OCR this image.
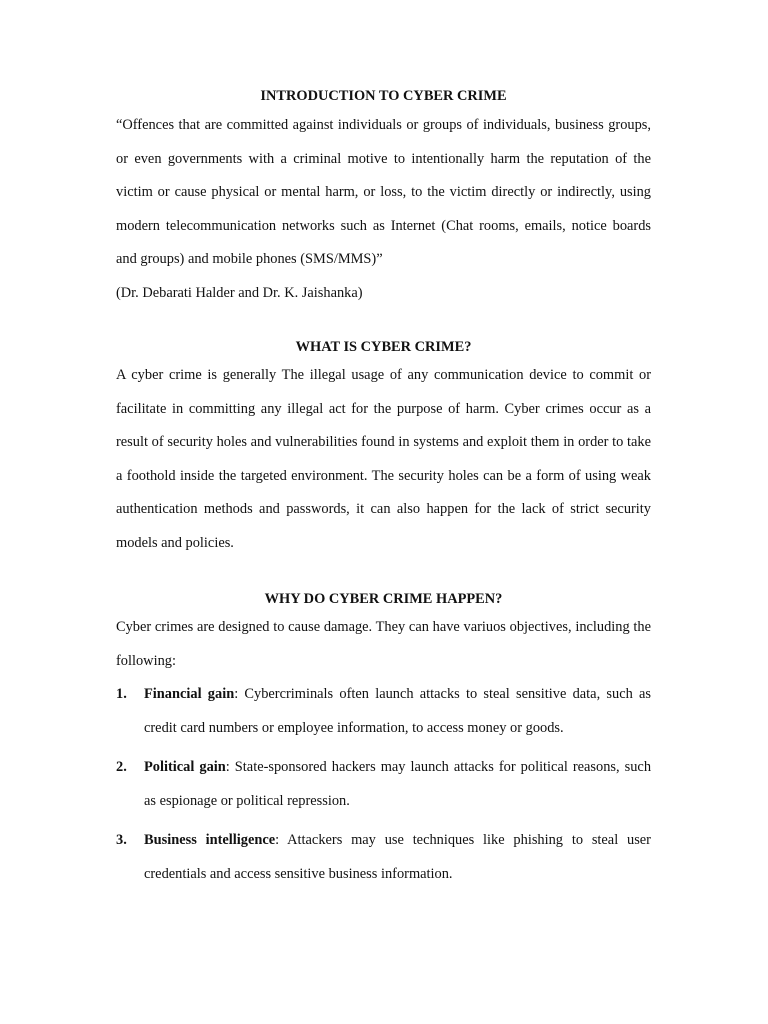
INTRODUCTION TO CYBER CRIME

“Offences that are committed against individuals or groups of individuals, business groups, or even governments with a criminal motive to intentionally harm the reputation of the victim or cause physical or mental harm, or loss, to the victim directly or indirectly, using modern telecommunication networks such as Internet (Chat rooms, emails, notice boards and groups) and mobile phones (SMS/MMS)”
(Dr. Debarati Halder and Dr. K. Jaishanka)

WHAT IS CYBER CRIME?

A cyber crime is generally The illegal usage of any communication device to commit or facilitate in committing any illegal act for the purpose of harm. Cyber crimes occur as a result of security holes and vulnerabilities found in systems and exploit them in order to take a foothold inside the targeted environment. The security holes can be a form of using weak authentication methods and passwords, it can also happen for the lack of strict security models and policies.

WHY DO CYBER CRIME HAPPEN?

Cyber crimes are designed to cause damage. They can have variuos objectives, including the following:

1. Financial gain: Cybercriminals often launch attacks to steal sensitive data, such as credit card numbers or employee information, to access money or goods.
2. Political gain: State-sponsored hackers may launch attacks for political reasons, such as espionage or political repression.
3. Business intelligence: Attackers may use techniques like phishing to steal user credentials and access sensitive business information.
